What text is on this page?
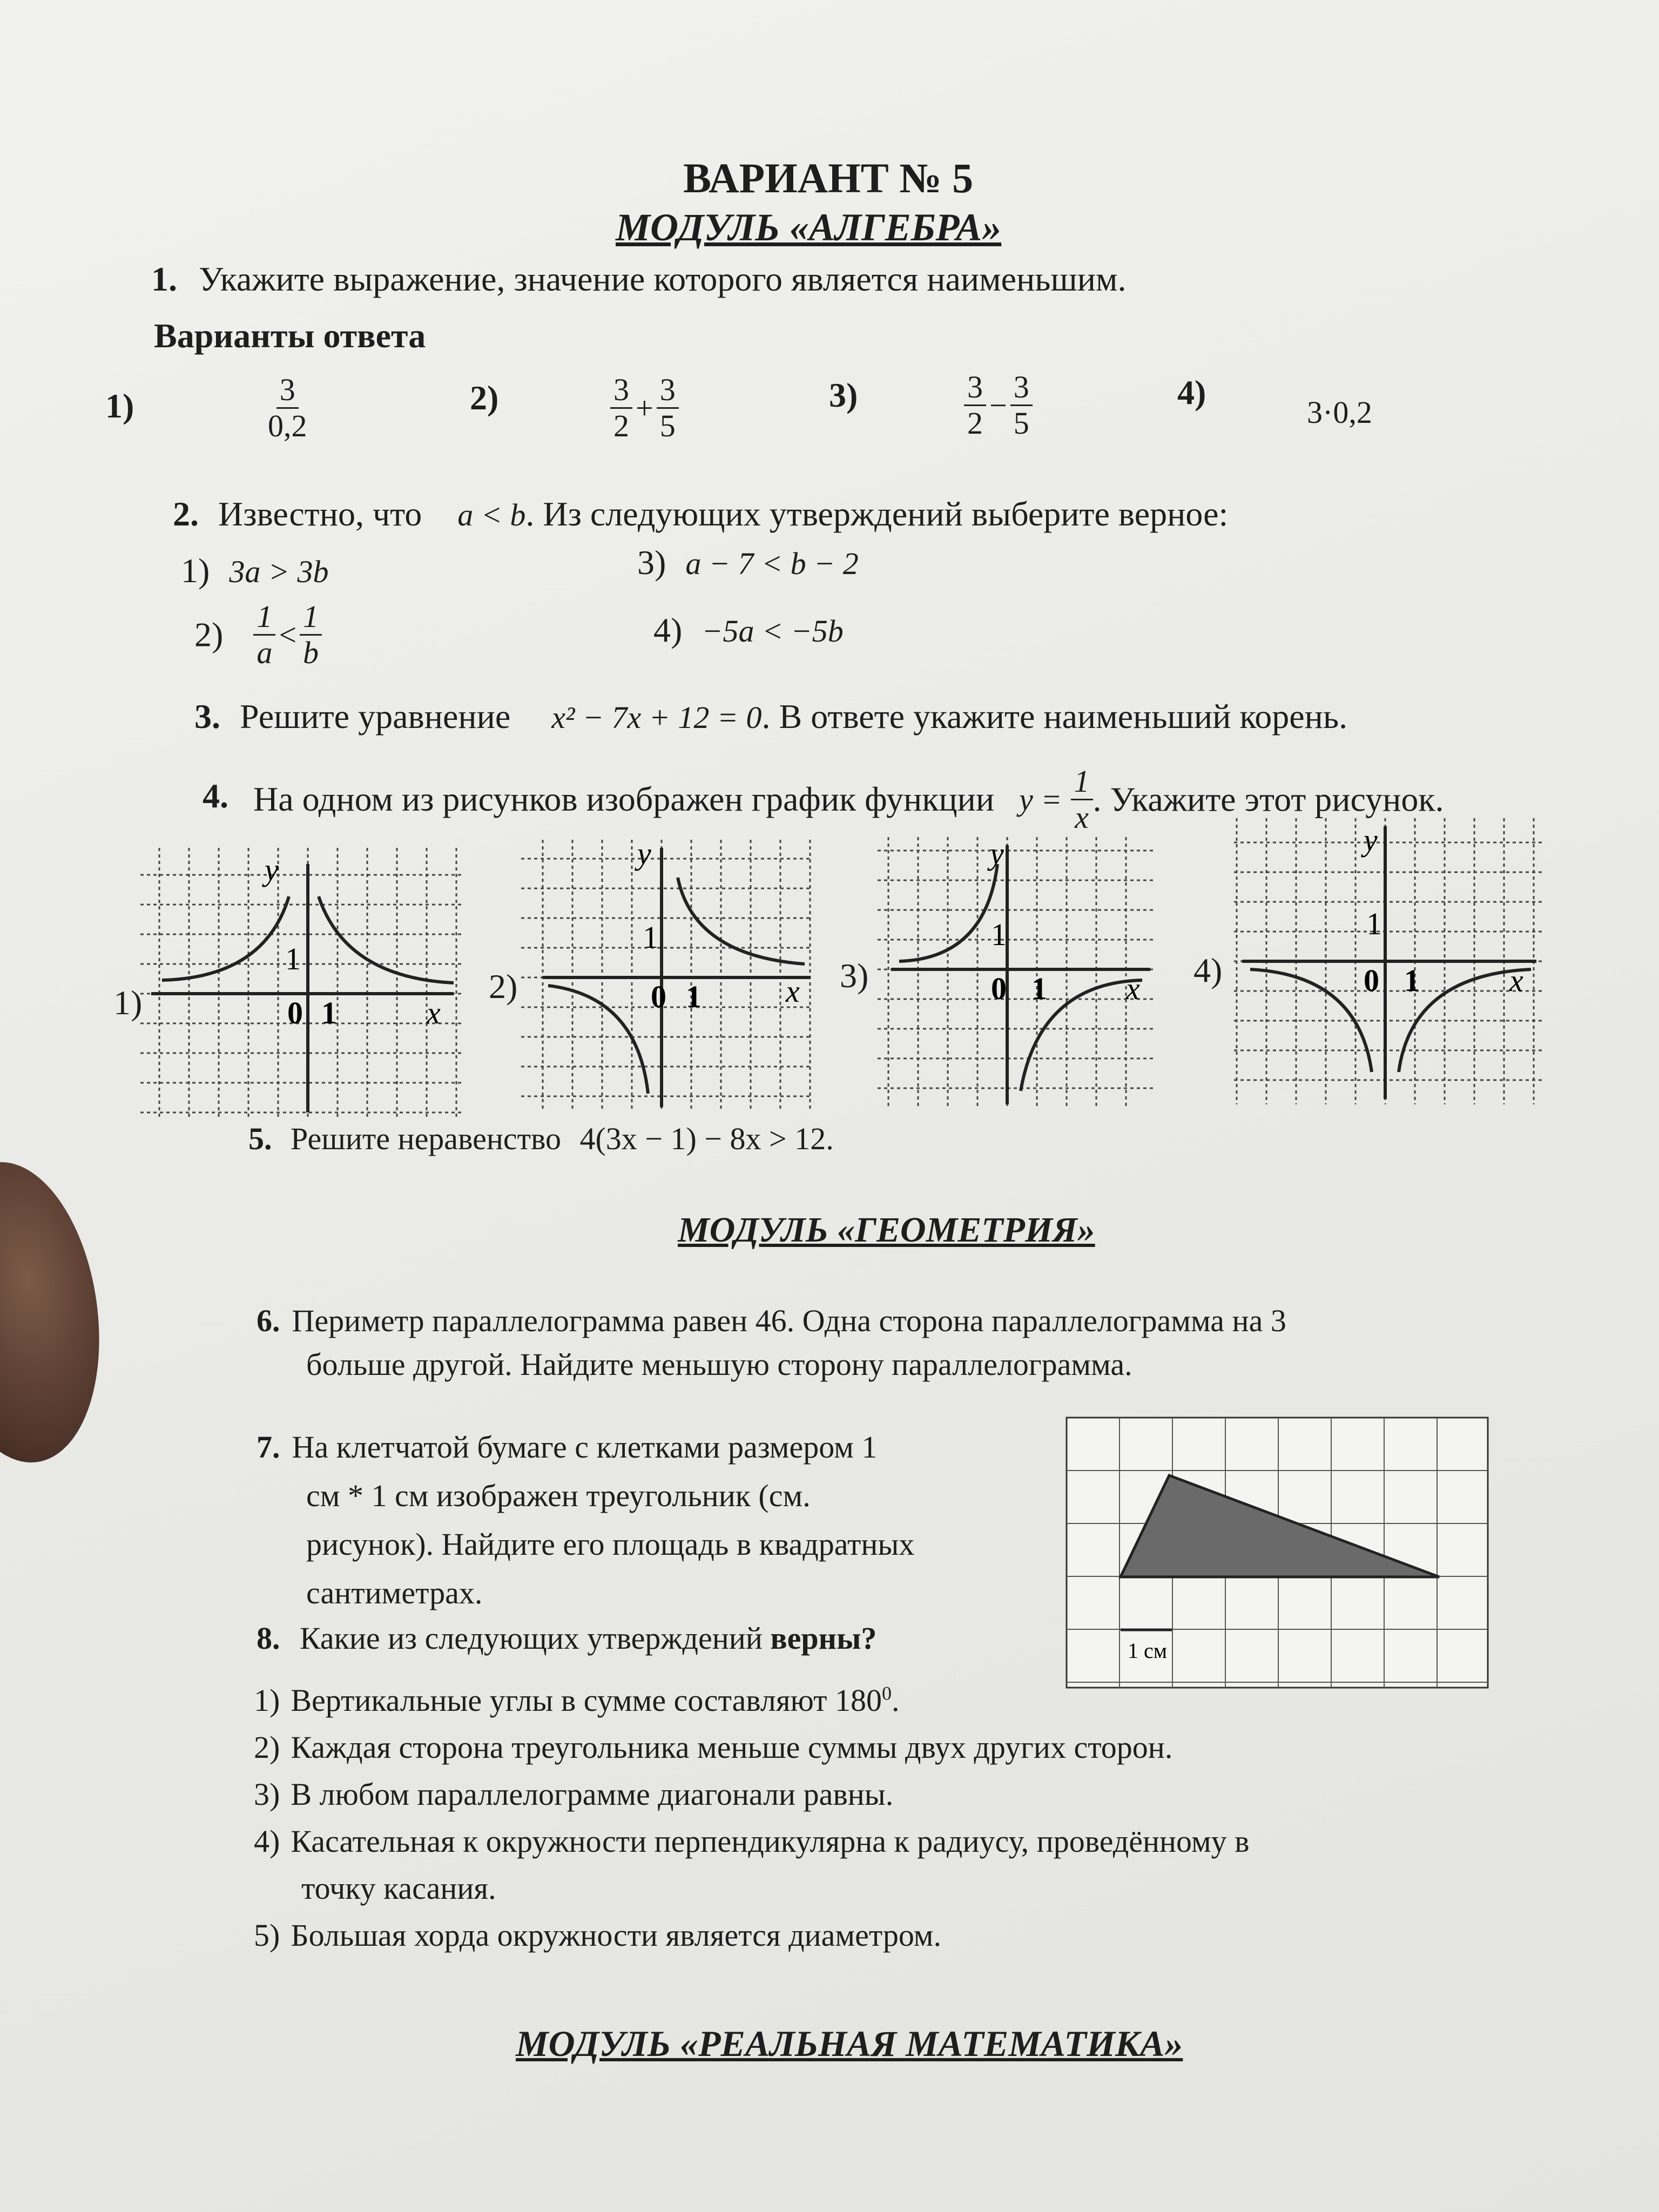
ВАРИАНТ № 5
МОДУЛЬ «АЛГЕБРА»
1. Укажите выражение, значение которого является наименьшим.
Варианты ответа
1)	$\frac{3}{0,2}$	2)	$\frac{3}{2} + \frac{3}{5}$	3)	$\frac{3}{2} - \frac{3}{5}$	4)
3·0,2
2. Известно, что a < b. Из следующих утверждений выберите верное:
1) 3a > 3b
$2) \frac{1}{a} < \frac{1}{b}$
3) a − 7 < b − 2
4) −5a < −5b
3. Решите уравнение x² − 7x + 12 = 0. В ответе укажите наименьший корень.
4. На одном из рисунков изображен график функции $y = \frac{1}{x}$ . Укажите этот рисунок.
1)
y
1
0 1	x
2)
y
1
0 1	x 3)
y
1
0 1	x 4)
y
1
0 1	x
5. Решите неравенство 4(3x − 1) − 8x > 12.
МОДУЛЬ «ГЕОМЕТРИЯ»
6. Периметр параллелограмма равен 46. Одна сторона параллелограмма на 3
больше другой. Найдите меньшую сторону параллелограмма.
7. На клетчатой бумаге с клетками размером 1
см * 1 см изображен треугольник (см.
рисунок). Найдите его площадь в квадратных
сантиметрах.
1 см
8. Какие из следующих утверждений верны?
1) Вертикальные углы в сумме составляют $180^0$.
2) Каждая сторона треугольника меньше суммы двух других сторон.
3) В любом параллелограмме диагонали равны.
4) Касательная к окружности перпендикулярна к радиусу, проведённому в
точку касания.
5) Большая хорда окружности является диаметром.
МОДУЛЬ «РЕАЛЬНАЯ МАТЕМАТИКА»
